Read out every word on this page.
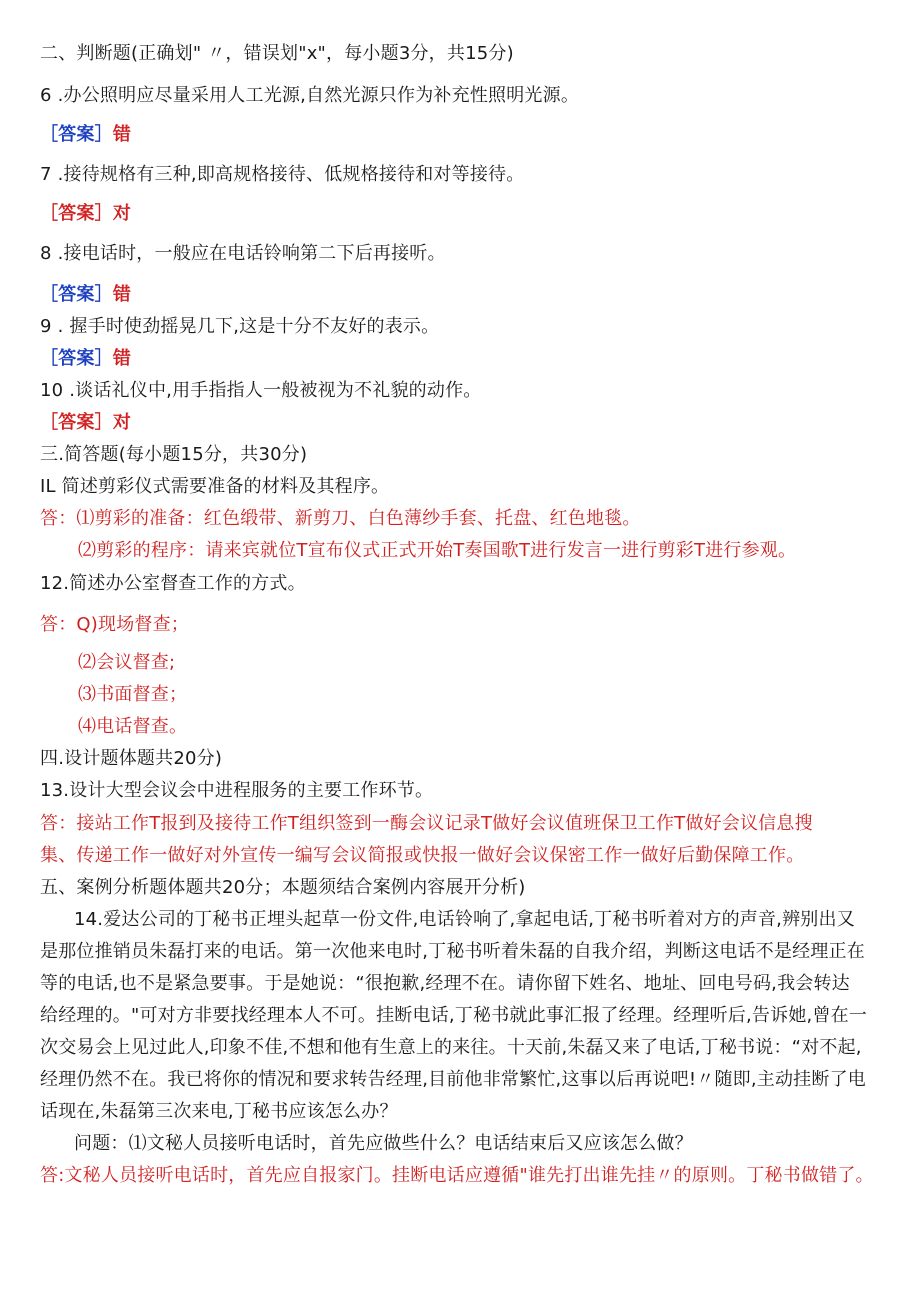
二、判断题(正确划" 〃，错误划"x"，每小题3分，共15分)
6 .办公照明应尽量采用人工光源,自然光源只作为补充性照明光源。
［答案］错
7 .接待规格有三种,即高规格接待、低规格接待和对等接待。
［答案］对
8 .接电话时，一般应在电话铃响第二下后再接听。
［答案］错
9 . 握手时使劲摇晃几下,这是十分不友好的表示。
［答案］错
10 .谈话礼仪中,用手指指人一般被视为不礼貌的动作。
［答案］对
三.简答题(每小题15分，共30分)
IL 简述剪彩仪式需要准备的材料及其程序。
答：⑴剪彩的准备：红色缎带、新剪刀、白色薄纱手套、托盘、红色地毯。
⑵剪彩的程序：请来宾就位T宣布仪式正式开始T奏国歌T进行发言一进行剪彩T进行参观。
12.简述办公室督查工作的方式。
答：Q)现场督查；
⑵会议督查;
⑶书面督查；
⑷电话督查。
四.设计题体题共20分)
13.设计大型会议会中进程服务的主要工作环节。
答：接站工作T报到及接待工作T组织签到一酶会议记录T做好会议值班保卫工作T做好会议信息搜
集、传递工作一做好对外宣传一编写会议简报或快报一做好会议保密工作一做好后勤保障工作。
五、案例分析题体题共20分；本题须结合案例内容展开分析)
14.爱达公司的丁秘书正埋头起草一份文件,电话铃响了,拿起电话,丁秘书听着对方的声音,辨别出又
是那位推销员朱磊打来的电话。第一次他来电时,丁秘书听着朱磊的自我介绍，判断这电话不是经理正在
等的电话,也不是紧急要事。于是她说：“很抱歉,经理不在。请你留下姓名、地址、回电号码,我会转达
给经理的。"可对方非要找经理本人不可。挂断电话,丁秘书就此事汇报了经理。经理听后,告诉她,曾在一
次交易会上见过此人,印象不佳,不想和他有生意上的来往。十天前,朱磊又来了电话,丁秘书说：“对不起,
经理仍然不在。我已将你的情况和要求转告经理,目前他非常繁忙,这事以后再说吧!〃随即,主动挂断了电
话现在,朱磊第三次来电,丁秘书应该怎么办？
问题：⑴文秘人员接听电话时，首先应做些什么？电话结束后又应该怎么做？
答:文秘人员接听电话时，首先应自报家门。挂断电话应遵循"谁先打出谁先挂〃的原则。丁秘书做错了。
